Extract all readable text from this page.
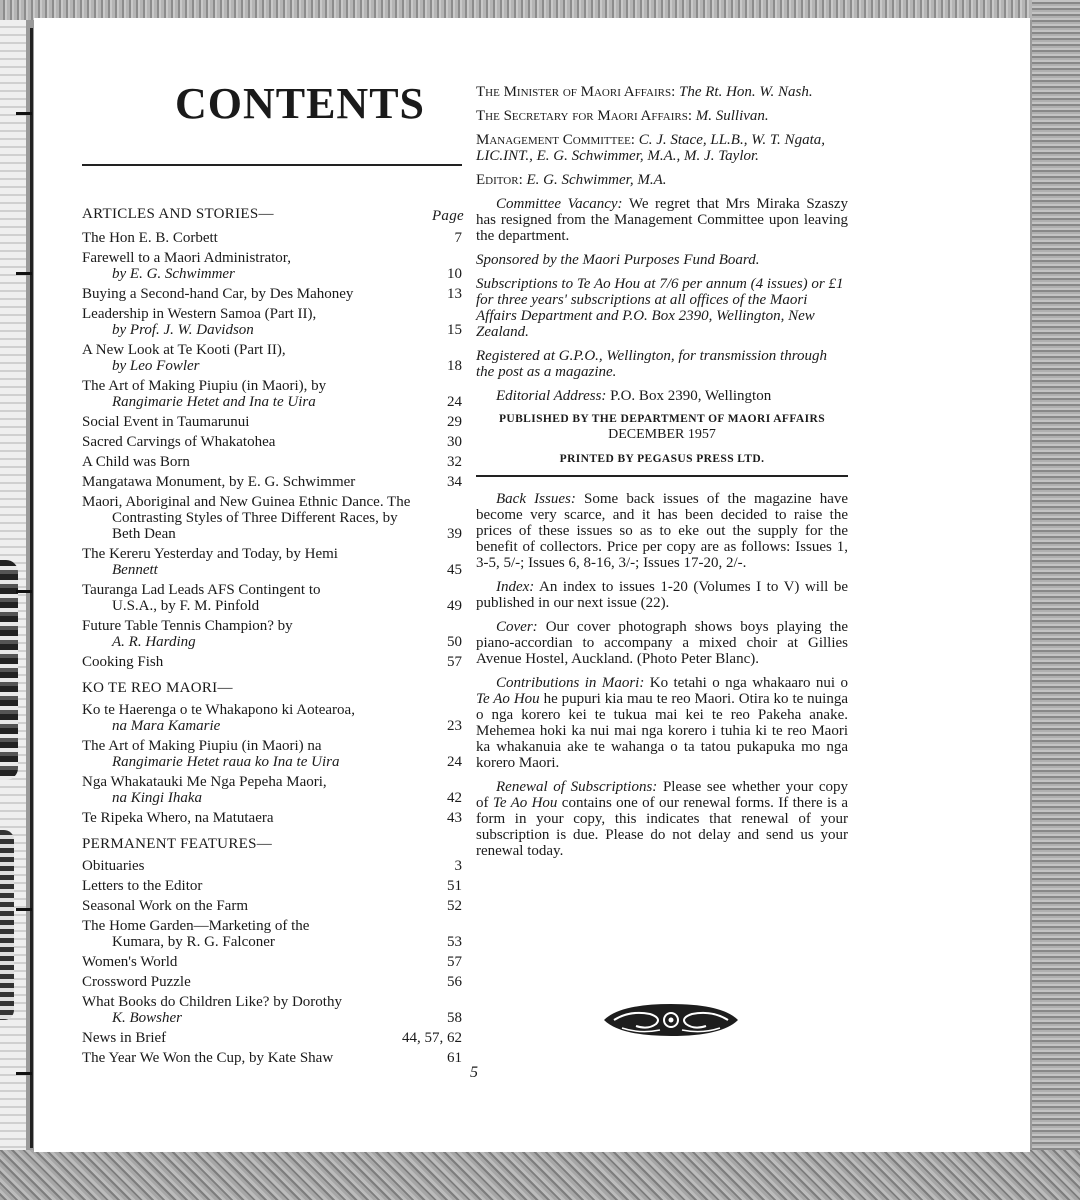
CONTENTS
ARTICLES AND STORIES—	Page
The Hon E. B. Corbett	7
Farewell to a Maori Administrator,
by E. G. Schwimmer	10
Buying a Second-hand Car, by Des Mahoney	13
Leadership in Western Samoa (Part II),
by Prof. J. W. Davidson	15
A New Look at Te Kooti (Part II),
by Leo Fowler	18
The Art of Making Piupiu (in Maori), by
Rangimarie Hetet and Ina te Uira	24
Social Event in Taumarunui	29
Sacred Carvings of Whakatohea	30
A Child was Born	32
Mangatawa Monument, by E. G. Schwimmer	34
Maori, Aboriginal and New Guinea Ethnic Dance. The Contrasting Styles of Three Different Races, by Beth Dean	39
The Kereru Yesterday and Today, by Hemi
Bennett	45
Tauranga Lad Leads AFS Contingent to
U.S.A., by F. M. Pinfold	49
Future Table Tennis Champion? by
A. R. Harding	50
Cooking Fish	57
KO TE REO MAORI—
Ko te Haerenga o te Whakapono ki Aotearoa,
na Mara Kamarie	23
The Art of Making Piupiu (in Maori) na
Rangimarie Hetet raua ko Ina te Uira	24
Nga Whakatauki Me Nga Pepeha Maori,
na Kingi Ihaka	42
Te Ripeka Whero, na Matutaera	43
PERMANENT FEATURES—
Obituaries	3
Letters to the Editor	51
Seasonal Work on the Farm	52
The Home Garden—Marketing of the
Kumara, by R. G. Falconer	53
Women's World	57
Crossword Puzzle	56
What Books do Children Like? by Dorothy
K. Bowsher	58
News in Brief	44, 57, 62
The Year We Won the Cup, by Kate Shaw	61

The Minister of Maori Affairs: The Rt. Hon. W. Nash.

The Secretary for Maori Affairs: M. Sullivan.

Management Committee: C. J. Stace, LL.B., W. T. Ngata, LIC.INT., E. G. Schwimmer, M.A., M. J. Taylor.

Editor: E. G. Schwimmer, M.A.

Committee Vacancy: We regret that Mrs Miraka Szaszy has resigned from the Management Committee upon leaving the department.

Sponsored by the Maori Purposes Fund Board.

Subscriptions to Te Ao Hou at 7/6 per annum (4 issues) or £1 for three years' subscriptions at all offices of the Maori Affairs Department and P.O. Box 2390, Wellington, New Zealand.

Registered at G.P.O., Wellington, for transmission through the post as a magazine.

Editorial Address: P.O. Box 2390, Wellington

PUBLISHED BY THE DEPARTMENT OF MAORI AFFAIRS
DECEMBER 1957
PRINTED BY PEGASUS PRESS LTD.

Back Issues: Some back issues of the magazine have become very scarce, and it has been decided to raise the prices of these issues so as to eke out the supply for the benefit of collectors. Price per copy are as follows: Issues 1, 3-5, 5/-; Issues 6, 8-16, 3/-; Issues 17-20, 2/-.

Index: An index to issues 1-20 (Volumes I to V) will be published in our next issue (22).

Cover: Our cover photograph shows boys playing the piano-accordian to accompany a mixed choir at Gillies Avenue Hostel, Auckland. (Photo Peter Blanc).

Contributions in Maori: Ko tetahi o nga whakaaro nui o Te Ao Hou he pupuri kia mau te reo Maori. Otira ko te nuinga o nga korero kei te tukua mai kei te reo Pakeha anake. Mehemea hoki ka nui mai nga korero i tuhia ki te reo Maori ka whakanuia ake te wahanga o ta tatou pukapuka mo nga korero Maori.

Renewal of Subscriptions: Please see whether your copy of Te Ao Hou contains one of our renewal forms. If there is a form in your copy, this indicates that renewal of your subscription is due. Please do not delay and send us your renewal today.

5
